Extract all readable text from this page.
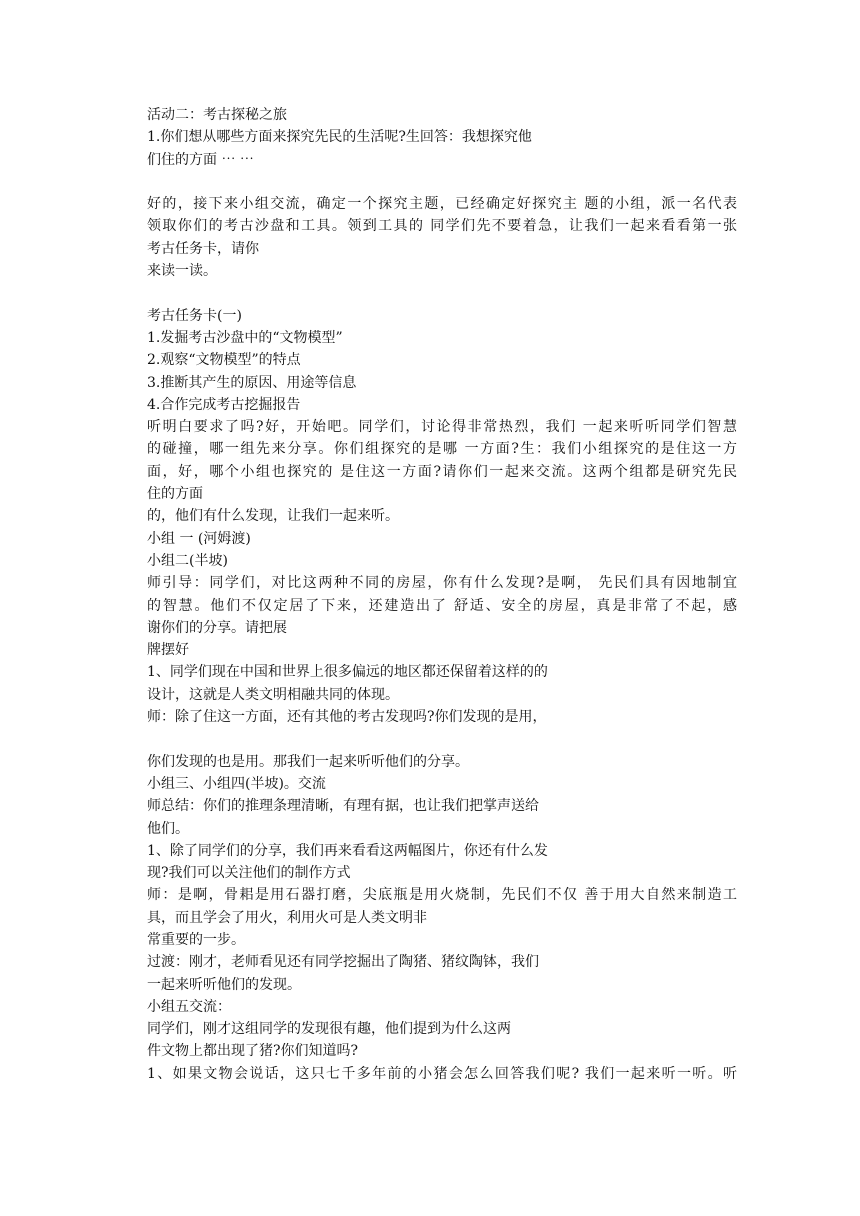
活动二：考古探秘之旅
1.你们想从哪些方面来探究先民的生活呢?生回答：我想探究他
们住的方面 ⋯ ⋯
好的，接下来小组交流，确定一个探究主题，已经确定好探究主 题的小组，派一名代表
领取你们的考古沙盘和工具。领到工具的 同学们先不要着急，让我们一起来看看第一张
考古任务卡，请你
来读一读。
考古任务卡(一)
1.发掘考古沙盘中的“文物模型”
2.观察“文物模型”的特点
3.推断其产生的原因、用途等信息
4.合作完成考古挖掘报告
听明白要求了吗?好，开始吧。同学们，讨论得非常热烈，我们 一起来听听同学们智慧
的碰撞，哪一组先来分享。你们组探究的是哪 一方面?生：我们小组探究的是住这一方
面，好，哪个小组也探究的 是住这一方面?请你们一起来交流。这两个组都是研究先民
住的方面
的，他们有什么发现，让我们一起来听。
小组 一 (河姆渡)
小组二(半坡)
师引导：同学们，对比这两种不同的房屋，你有什么发现?是啊， 先民们具有因地制宜
的智慧。他们不仅定居了下来，还建造出了 舒适、安全的房屋，真是非常了不起，感
谢你们的分享。请把展
牌摆好
1、同学们现在中国和世界上很多偏远的地区都还保留着这样的的
设计，这就是人类文明相融共同的体现。
师：除了住这一方面，还有其他的考古发现吗?你们发现的是用，
你们发现的也是用。那我们一起来听听他们的分享。
小组三、小组四(半坡)。交流
师总结：你们的推理条理清晰，有理有据，也让我们把掌声送给
他们。
1、除了同学们的分享，我们再来看看这两幅图片，你还有什么发
现?我们可以关注他们的制作方式
师：是啊，骨耜是用石器打磨，尖底瓶是用火烧制，先民们不仅 善于用大自然来制造工
具，而且学会了用火，利用火可是人类文明非
常重要的一步。
过渡：刚才，老师看见还有同学挖掘出了陶猪、猪纹陶钵，我们
一起来听听他们的发现。
小组五交流：
同学们，刚才这组同学的发现很有趣，他们提到为什么这两
件文物上都出现了猪?你们知道吗?
1、如果文物会说话，这只七千多年前的小猪会怎么回答我们呢? 我们一起来听一听。听
